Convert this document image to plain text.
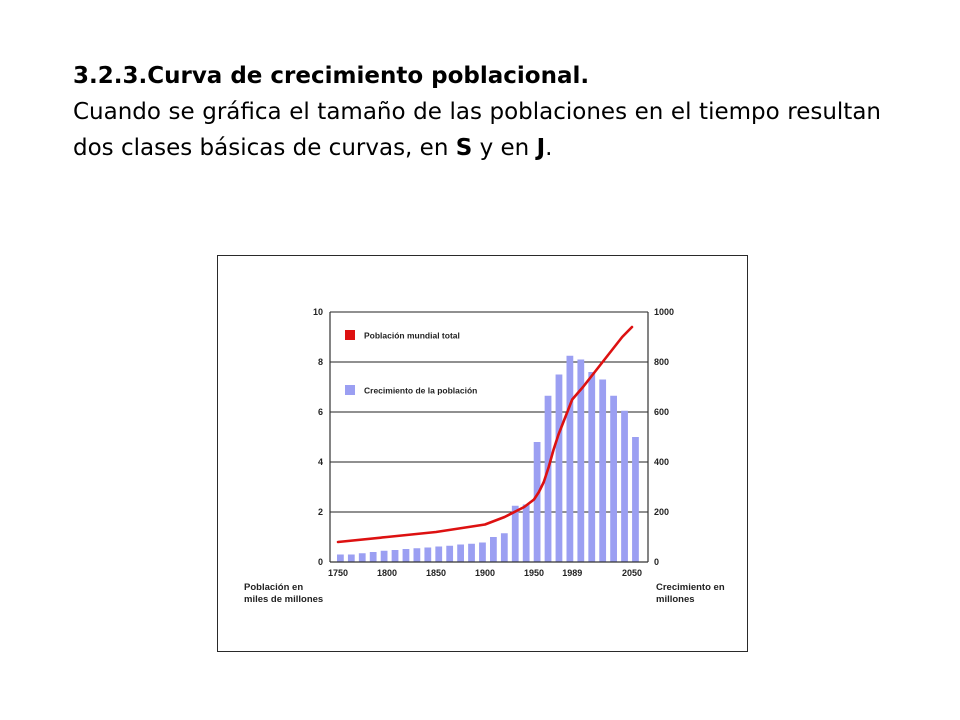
3.2.3.Curva de crecimiento poblacional.

Cuando se gráfica el tamaño de las poblaciones en el tiempo resultan dos clases básicas de curvas, en S y en J.

0
2
4
6
8
10
0
200
400
600
800
1000
1750	1800	1850	1900	1950 1989	2050
Población mundial total
Crecimiento de la población
Población en
miles de millones
Crecimiento en
millones
